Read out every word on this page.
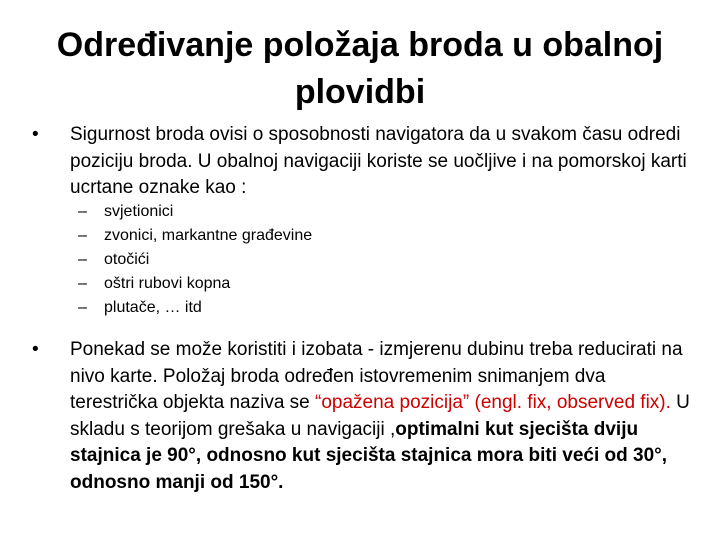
Određivanje položaja broda u obalnoj plovidbi
•	Sigurnost broda ovisi o sposobnosti navigatora da u svakom času odredi poziciju broda. U obalnoj navigaciji koriste se uočljive i na pomorskoj karti ucrtane oznake kao :
– svjetionici
– zvonici, markantne građevine
– otočići
– oštri rubovi kopna
– plutače, … itd
•	Ponekad se može koristiti i izobata - izmjerenu dubinu treba reducirati na nivo karte. Položaj broda određen istovremenim snimanjem dva terestrička objekta naziva se “opažena pozicija” (engl. fix, observed fix). U skladu s teorijom grešaka u navigaciji ,optimalni kut sjecišta dviju stajnica je 90°, odnosno kut sjecišta stajnica mora biti veći od 30°, odnosno manji od 150°.
